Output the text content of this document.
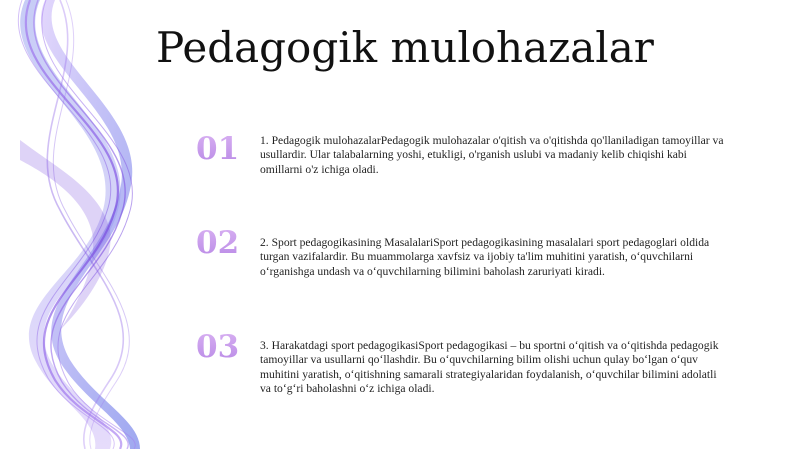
Pedagogik mulohazalar
01	1. Pedagogik mulohazalarPedagogik mulohazalar o'qitish va o'qitishda qo'llaniladigan tamoyillar va usullardir. Ular talabalarning yoshi, etukligi, o'rganish uslubi va madaniy kelib chiqishi kabi omillarni o'z ichiga oladi.

02	2. Sport pedagogikasining MasalalariSport pedagogikasining masalalari sport pedagoglari oldida turgan vazifalardir. Bu muammolarga xavfsiz va ijobiy ta'lim muhitini yaratish, oʻquvchilarni oʻrganishga undash va oʻquvchilarning bilimini baholash zaruriyati kiradi.

03	3. Harakatdagi sport pedagogikasiSport pedagogikasi – bu sportni oʻqitish va oʻqitishda pedagogik tamoyillar va usullarni qoʻllashdir. Bu oʻquvchilarning bilim olishi uchun qulay boʻlgan oʻquv muhitini yaratish, oʻqitishning samarali strategiyalaridan foydalanish, oʻquvchilar bilimini adolatli va toʻgʻri baholashni oʻz ichiga oladi.
